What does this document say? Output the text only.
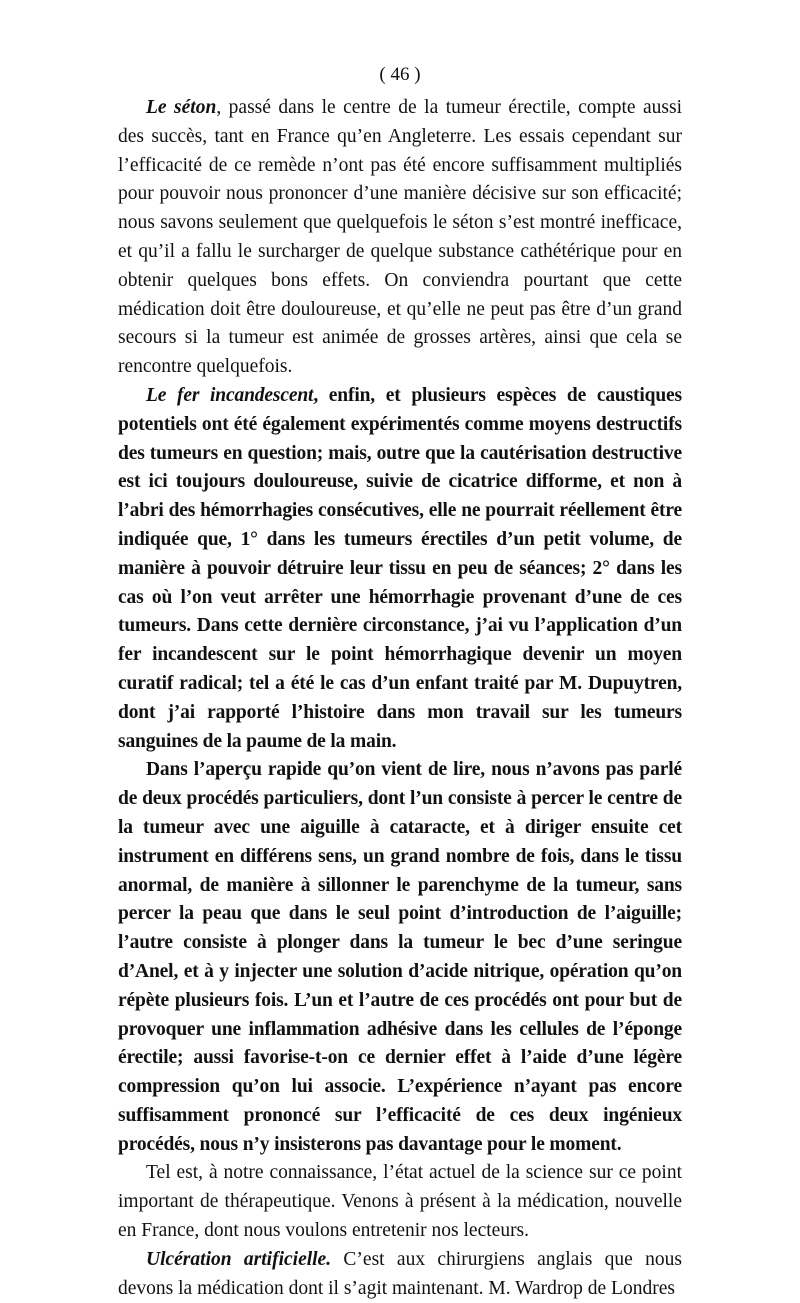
( 46 )

Le séton, passé dans le centre de la tumeur érectile, compte aussi des succès, tant en France qu’en Angleterre. Les essais cependant sur l’efficacité de ce remède n’ont pas été encore suffisamment multipliés pour pouvoir nous prononcer d’une manière décisive sur son efficacité; nous savons seulement que quelquefois le séton s’est montré inefficace, et qu’il a fallu le surcharger de quelque substance cathétérique pour en obtenir quelques bons effets. On conviendra pourtant que cette médication doit être douloureuse, et qu’elle ne peut pas être d’un grand secours si la tumeur est animée de grosses artères, ainsi que cela se rencontre quelquefois.

Le fer incandescent, enfin, et plusieurs espèces de caustiques potentiels ont été également expérimentés comme moyens destructifs des tumeurs en question; mais, outre que la cautérisation destructive est ici toujours douloureuse, suivie de cicatrice difforme, et non à l’abri des hémorrhagies consécutives, elle ne pourrait réellement être indiquée que, 1° dans les tumeurs érectiles d’un petit volume, de manière à pouvoir détruire leur tissu en peu de séances; 2° dans les cas où l’on veut arrêter une hémorrhagie provenant d’une de ces tumeurs. Dans cette dernière circonstance, j’ai vu l’application d’un fer incandescent sur le point hémorrhagique devenir un moyen curatif radical; tel a été le cas d’un enfant traité par M. Dupuytren, dont j’ai rapporté l’histoire dans mon travail sur les tumeurs sanguines de la paume de la main.

Dans l’aperçu rapide qu’on vient de lire, nous n’avons pas parlé de deux procédés particuliers, dont l’un consiste à percer le centre de la tumeur avec une aiguille à cataracte, et à diriger ensuite cet instrument en différens sens, un grand nombre de fois, dans le tissu anormal, de manière à sillonner le parenchyme de la tumeur, sans percer la peau que dans le seul point d’introduction de l’aiguille; l’autre consiste à plonger dans la tumeur le bec d’une seringue d’Anel, et à y injecter une solution d’acide nitrique, opération qu’on répète plusieurs fois. L’un et l’autre de ces procédés ont pour but de provoquer une inflammation adhésive dans les cellules de l’éponge érectile; aussi favorise-t-on ce dernier effet à l’aide d’une légère compression qu’on lui associe. L’expérience n’ayant pas encore suffisamment prononcé sur l’efficacité de ces deux ingénieux procédés, nous n’y insisterons pas davantage pour le moment.

Tel est, à notre connaissance, l’état actuel de la science sur ce point important de thérapeutique. Venons à présent à la médication, nouvelle en France, dont nous voulons entretenir nos lecteurs.

Ulcération artificielle. C’est aux chirurgiens anglais que nous devons la médication dont il s’agit maintenant. M. Wardrop de Londres
